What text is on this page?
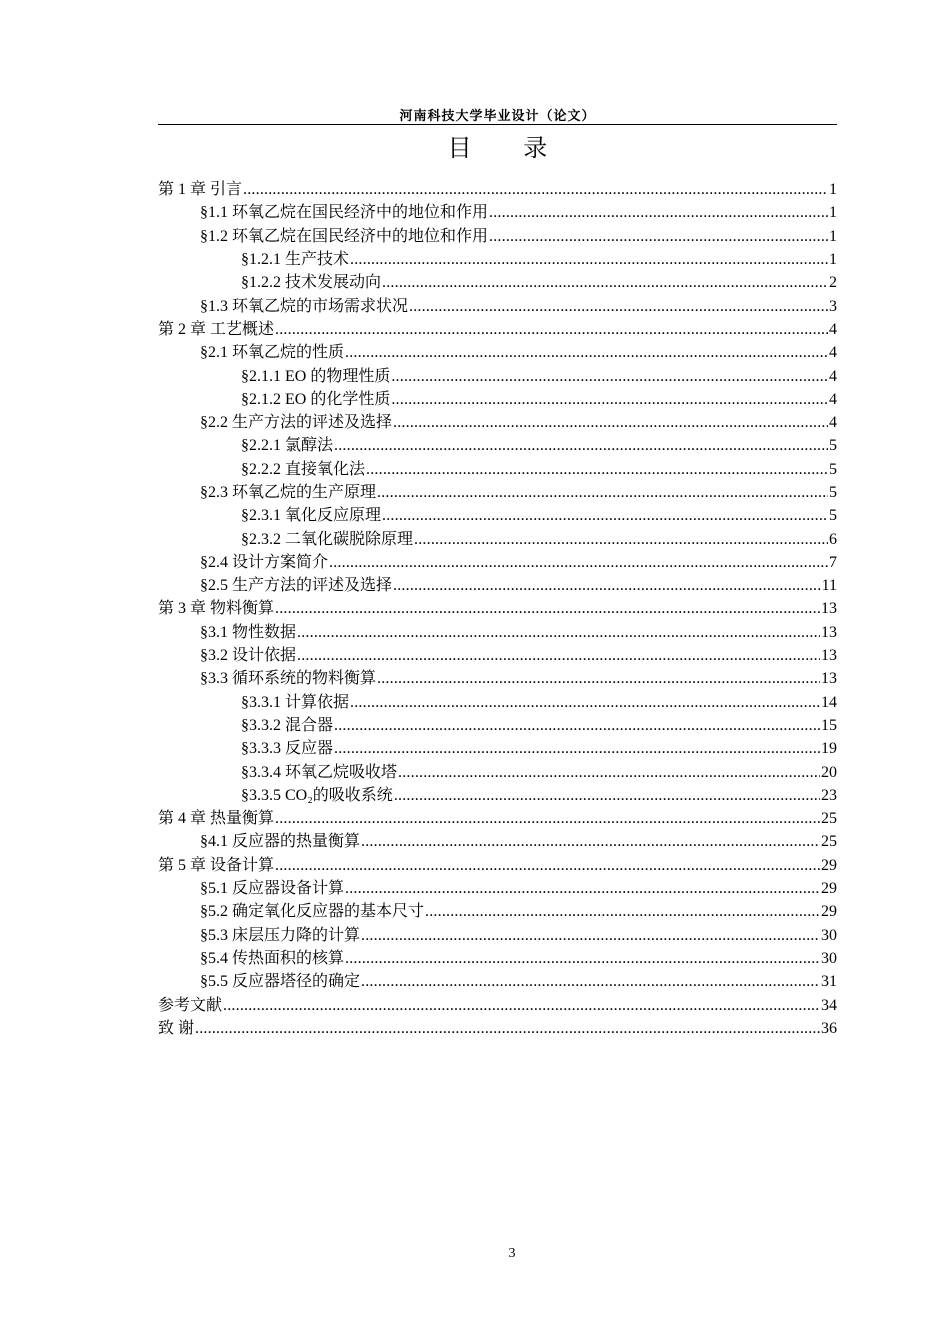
河南科技大学毕业设计（论文）
目 录
第 1 章 引言 .....	1
§1.1 环氧乙烷在国民经济中的地位和作用 .....	1
§1.2 环氧乙烷在国民经济中的地位和作用 .....	1
§1.2.1 生产技术 .....	1
§1.2.2 技术发展动向 .....	2
§1.3 环氧乙烷的市场需求状况 .....	3
第 2 章 工艺概述 .....	4
§2.1 环氧乙烷的性质 .....	4
§2.1.1 EO 的物理性质 .....	4
§2.1.2 EO 的化学性质 .....	4
§2.2 生产方法的评述及选择 .....	4
§2.2.1 氯醇法 .....	5
§2.2.2 直接氧化法 .....	5
§2.3 环氧乙烷的生产原理 .....	5
§2.3.1 氧化反应原理 .....	5
§2.3.2 二氧化碳脱除原理 .....	6
§2.4 设计方案简介 .....	7
§2.5 生产方法的评述及选择 .....	11
第 3 章 物料衡算 .....	13
§3.1 物性数据 .....	13
§3.2 设计依据 .....	13
§3.3 循环系统的物料衡算 .....	13
§3.3.1 计算依据 .....	14
§3.3.2 混合器 .....	15
§3.3.3 反应器 .....	19
§3.3.4 环氧乙烷吸收塔 .....	20
§3.3.5 CO₂的吸收系统 .....	23
第 4 章 热量衡算 .....	25
§4.1 反应器的热量衡算 .....	25
第 5 章 设备计算 .....	29
§5.1 反应器设备计算 .....	29
§5.2 确定氧化反应器的基本尺寸 .....	29
§5.3 床层压力降的计算 .....	30
§5.4 传热面积的核算 .....	30
§5.5 反应器塔径的确定 .....	31
参考文献 .....	34
致 谢 .....	36
3
